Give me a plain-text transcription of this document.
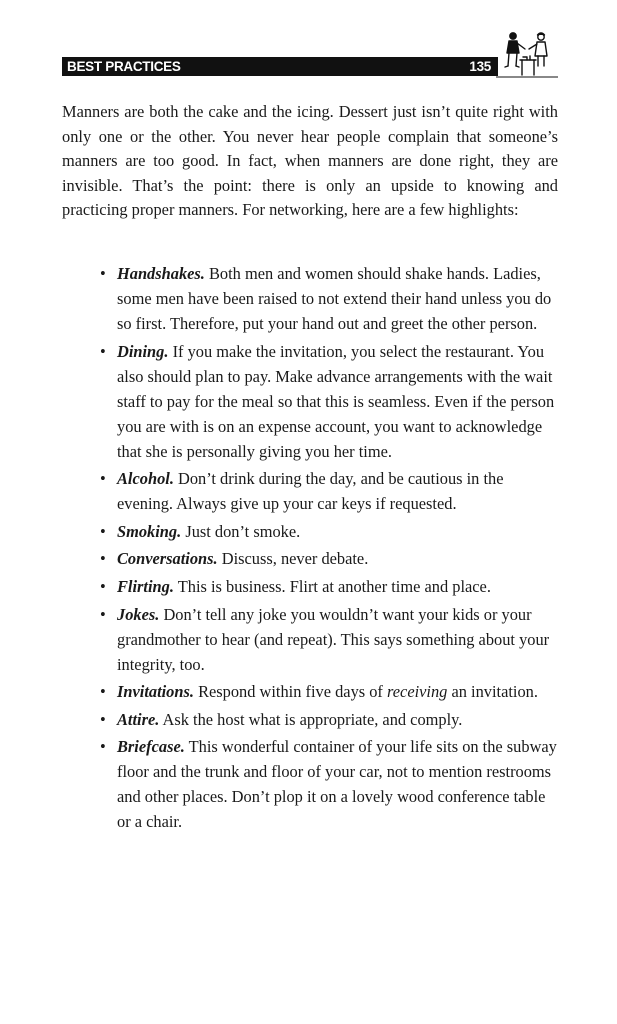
BEST PRACTICES	135

Manners are both the cake and the icing. Dessert just isn’t quite right with only one or the other. You never hear people complain that someone’s manners are too good. In fact, when manners are done right, they are invisible. That’s the point: there is only an upside to knowing and practicing proper manners. For networking, here are a few highlights:

• Handshakes. Both men and women should shake hands. Ladies, some men have been raised to not extend their hand unless you do so first. Therefore, put your hand out and greet the other person.
• Dining. If you make the invitation, you select the restaurant. You also should plan to pay. Make advance arrangements with the wait staff to pay for the meal so that this is seamless. Even if the person you are with is on an expense account, you want to acknowledge that she is personally giving you her time.
• Alcohol. Don’t drink during the day, and be cautious in the evening. Always give up your car keys if requested.
• Smoking. Just don’t smoke.
• Conversations. Discuss, never debate.
• Flirting. This is business. Flirt at another time and place.
• Jokes. Don’t tell any joke you wouldn’t want your kids or your grandmother to hear (and repeat). This says something about your integrity, too.
• Invitations. Respond within five days of receiving an invitation.
• Attire. Ask the host what is appropriate, and comply.
• Briefcase. This wonderful container of your life sits on the subway floor and the trunk and floor of your car, not to mention restrooms and other places. Don’t plop it on a lovely wood conference table or a chair.
